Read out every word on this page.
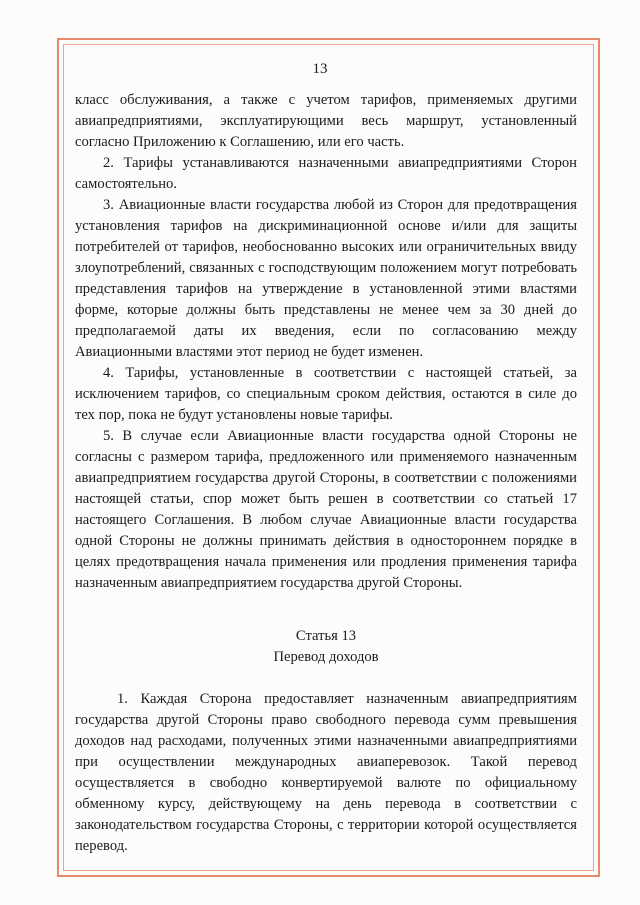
13

класс обслуживания, а также с учетом тарифов, применяемых другими авиапредприятиями, эксплуатирующими весь маршрут, установленный согласно Приложению к Соглашению, или его часть.

2. Тарифы устанавливаются назначенными авиапредприятиями Сторон самостоятельно.

3. Авиационные власти государства любой из Сторон для предотвращения установления тарифов на дискриминационной основе и/или для защиты потребителей от тарифов, необоснованно высоких или ограничительных ввиду злоупотреблений, связанных с господствующим положением могут потребовать представления тарифов на утверждение в установленной этими властями форме, которые должны быть представлены не менее чем за 30 дней до предполагаемой даты их введения, если по согласованию между Авиационными властями этот период не будет изменен.

4. Тарифы, установленные в соответствии с настоящей статьей, за исключением тарифов, со специальным сроком действия, остаются в силе до тех пор, пока не будут установлены новые тарифы.

5. В случае если Авиационные власти государства одной Стороны не согласны с размером тарифа, предложенного или применяемого назначенным авиапредприятием государства другой Стороны, в соответствии с положениями настоящей статьи, спор может быть решен в соответствии со статьей 17 настоящего Соглашения. В любом случае Авиационные власти государства одной Стороны не должны принимать действия в одностороннем порядке в целях предотвращения начала применения или продления применения тарифа назначенным авиапредприятием государства другой Стороны.

Статья 13

Перевод доходов

1. Каждая Сторона предоставляет назначенным авиапредприятиям государства другой Стороны право свободного перевода сумм превышения доходов над расходами, полученных этими назначенными авиапредприятиями при осуществлении международных авиаперевозок. Такой перевод осуществляется в свободно конвертируемой валюте по официальному обменному курсу, действующему на день перевода в соответствии с законодательством государства Стороны, с территории которой осуществляется перевод.
